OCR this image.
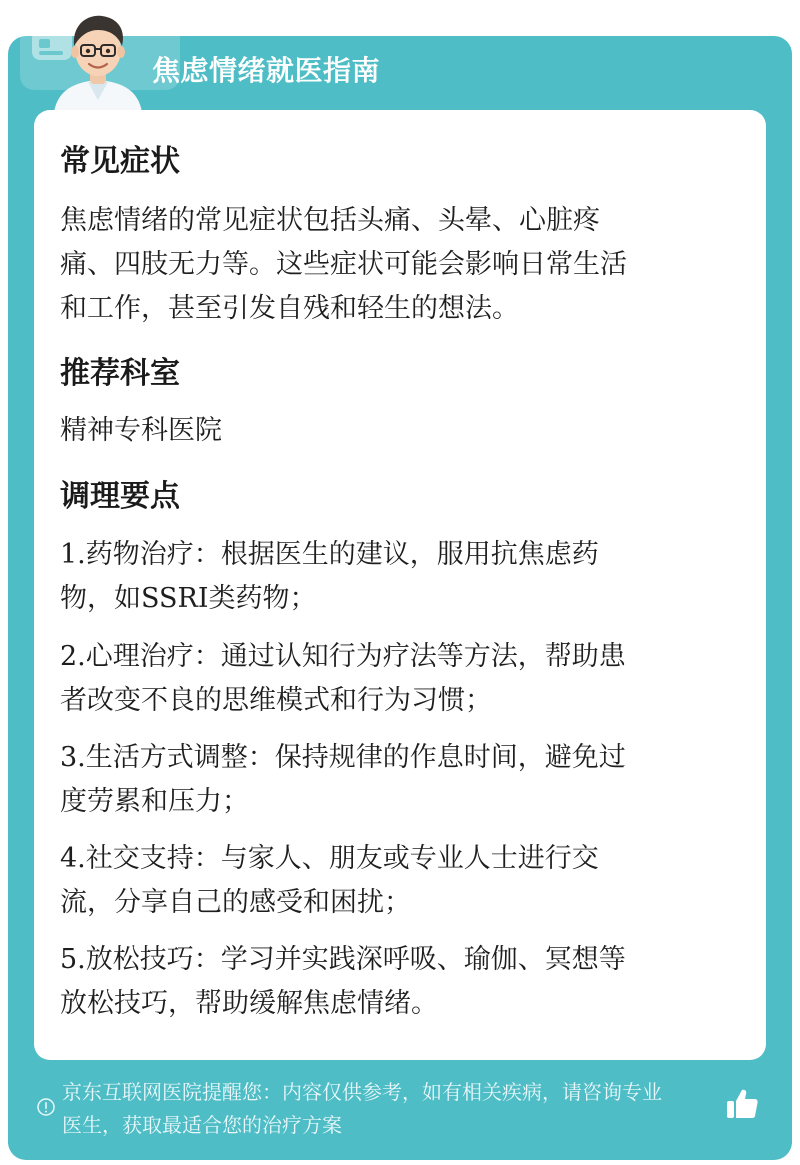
焦虑情绪就医指南
常见症状
焦虑情绪的常见症状包括头痛、头晕、心脏疼
痛、四肢无力等。这些症状可能会影响日常生活
和工作，甚至引发自残和轻生的想法。
推荐科室
精神专科医院
调理要点
1.药物治疗：根据医生的建议，服用抗焦虑药
物，如SSRI类药物；
2.心理治疗：通过认知行为疗法等方法，帮助患
者改变不良的思维模式和行为习惯；
3.生活方式调整：保持规律的作息时间，避免过
度劳累和压力；
4.社交支持：与家人、朋友或专业人士进行交
流，分享自己的感受和困扰；
5.放松技巧：学习并实践深呼吸、瑜伽、冥想等
放松技巧，帮助缓解焦虑情绪。
京东互联网医院提醒您：内容仅供参考，如有相关疾病，请咨询专业
医生，获取最适合您的治疗方案
